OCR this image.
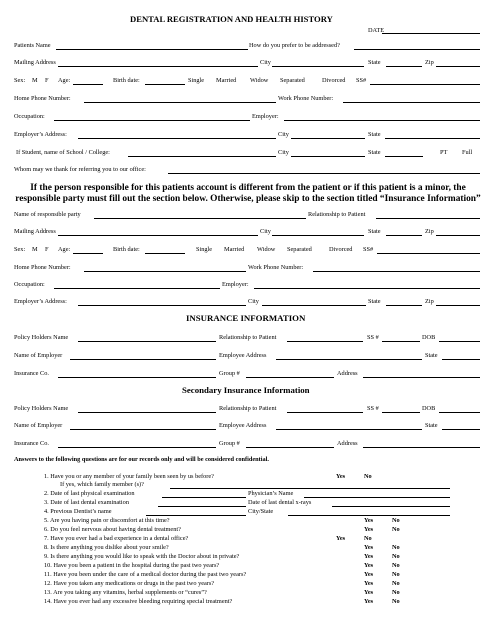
DENTAL REGISTRATION AND HEALTH HISTORY
DATE
Patients Name	How do you prefer to be addressed?
Mailing Address	City	State	Zip
Sex: M F Age:	Birth date:	Single Married Widow Separated	Divorced SS#
Home Phone Number:	Work Phone Number:
Occupation:	Employer:
Employer’s Address:	City	State
If Student, name of School / College:	City	State	PT Full
Whom may we thank for referring you to our office:
If the person responsible for this patients account is different from the patient or if this patient is a minor, the responsible party must fill out the section below. Otherwise, please skip to the section titled “Insurance Information”
Name of responsible party	Relationship to Patient
Mailing Address	City	State	Zip
Sex: M F Age:	Birth date:	Single Married Widow Separated	Divorced SS#
Home Phone Number:	Work Phone Number:
Occupation:	Employer:
Employer’s Address:	City	State	Zip
INSURANCE INFORMATION
Policy Holders Name	Relationship to Patient	SS #	DOB
Name of Employer	Employee Address	State
Insurance Co.	Group #	Address
Secondary Insurance Information
Policy Holders Name	Relationship to Patient	SS #	DOB
Name of Employer	Employee Address	State
Insurance Co.	Group #	Address
Answers to the following questions are for our records only and will be considered confidential.
1. Have you or any member of your family been seen by us before?	Yes	No
If yes, which family member (s)?
2. Date of last physical examination	Physician’s Name
3. Date of last dental examination	Date of last dental x-rays
4. Previous Dentist’s name	City/State
5. Are you having pain or discomfort at this time?	Yes	No
6. Do you feel nervous about having dental treatment?	Yes	No
7. Have you ever had a bad experience in a dental office?	Yes	No
8. Is there anything you dislike about your smile?	Yes	No
9. Is there anything you would like to speak with the Doctor about in private?	Yes	No
10. Have you been a patient in the hospital during the past two years?	Yes	No
11. Have you been under the care of a medical doctor during the past two years?	Yes	No
12. Have you taken any medications or drugs in the past two years?	Yes	No
13. Are you taking any vitamins, herbal supplements or “cures”?	Yes	No
14. Have you ever had any excessive bleeding requiring special treatment?	Yes	No
